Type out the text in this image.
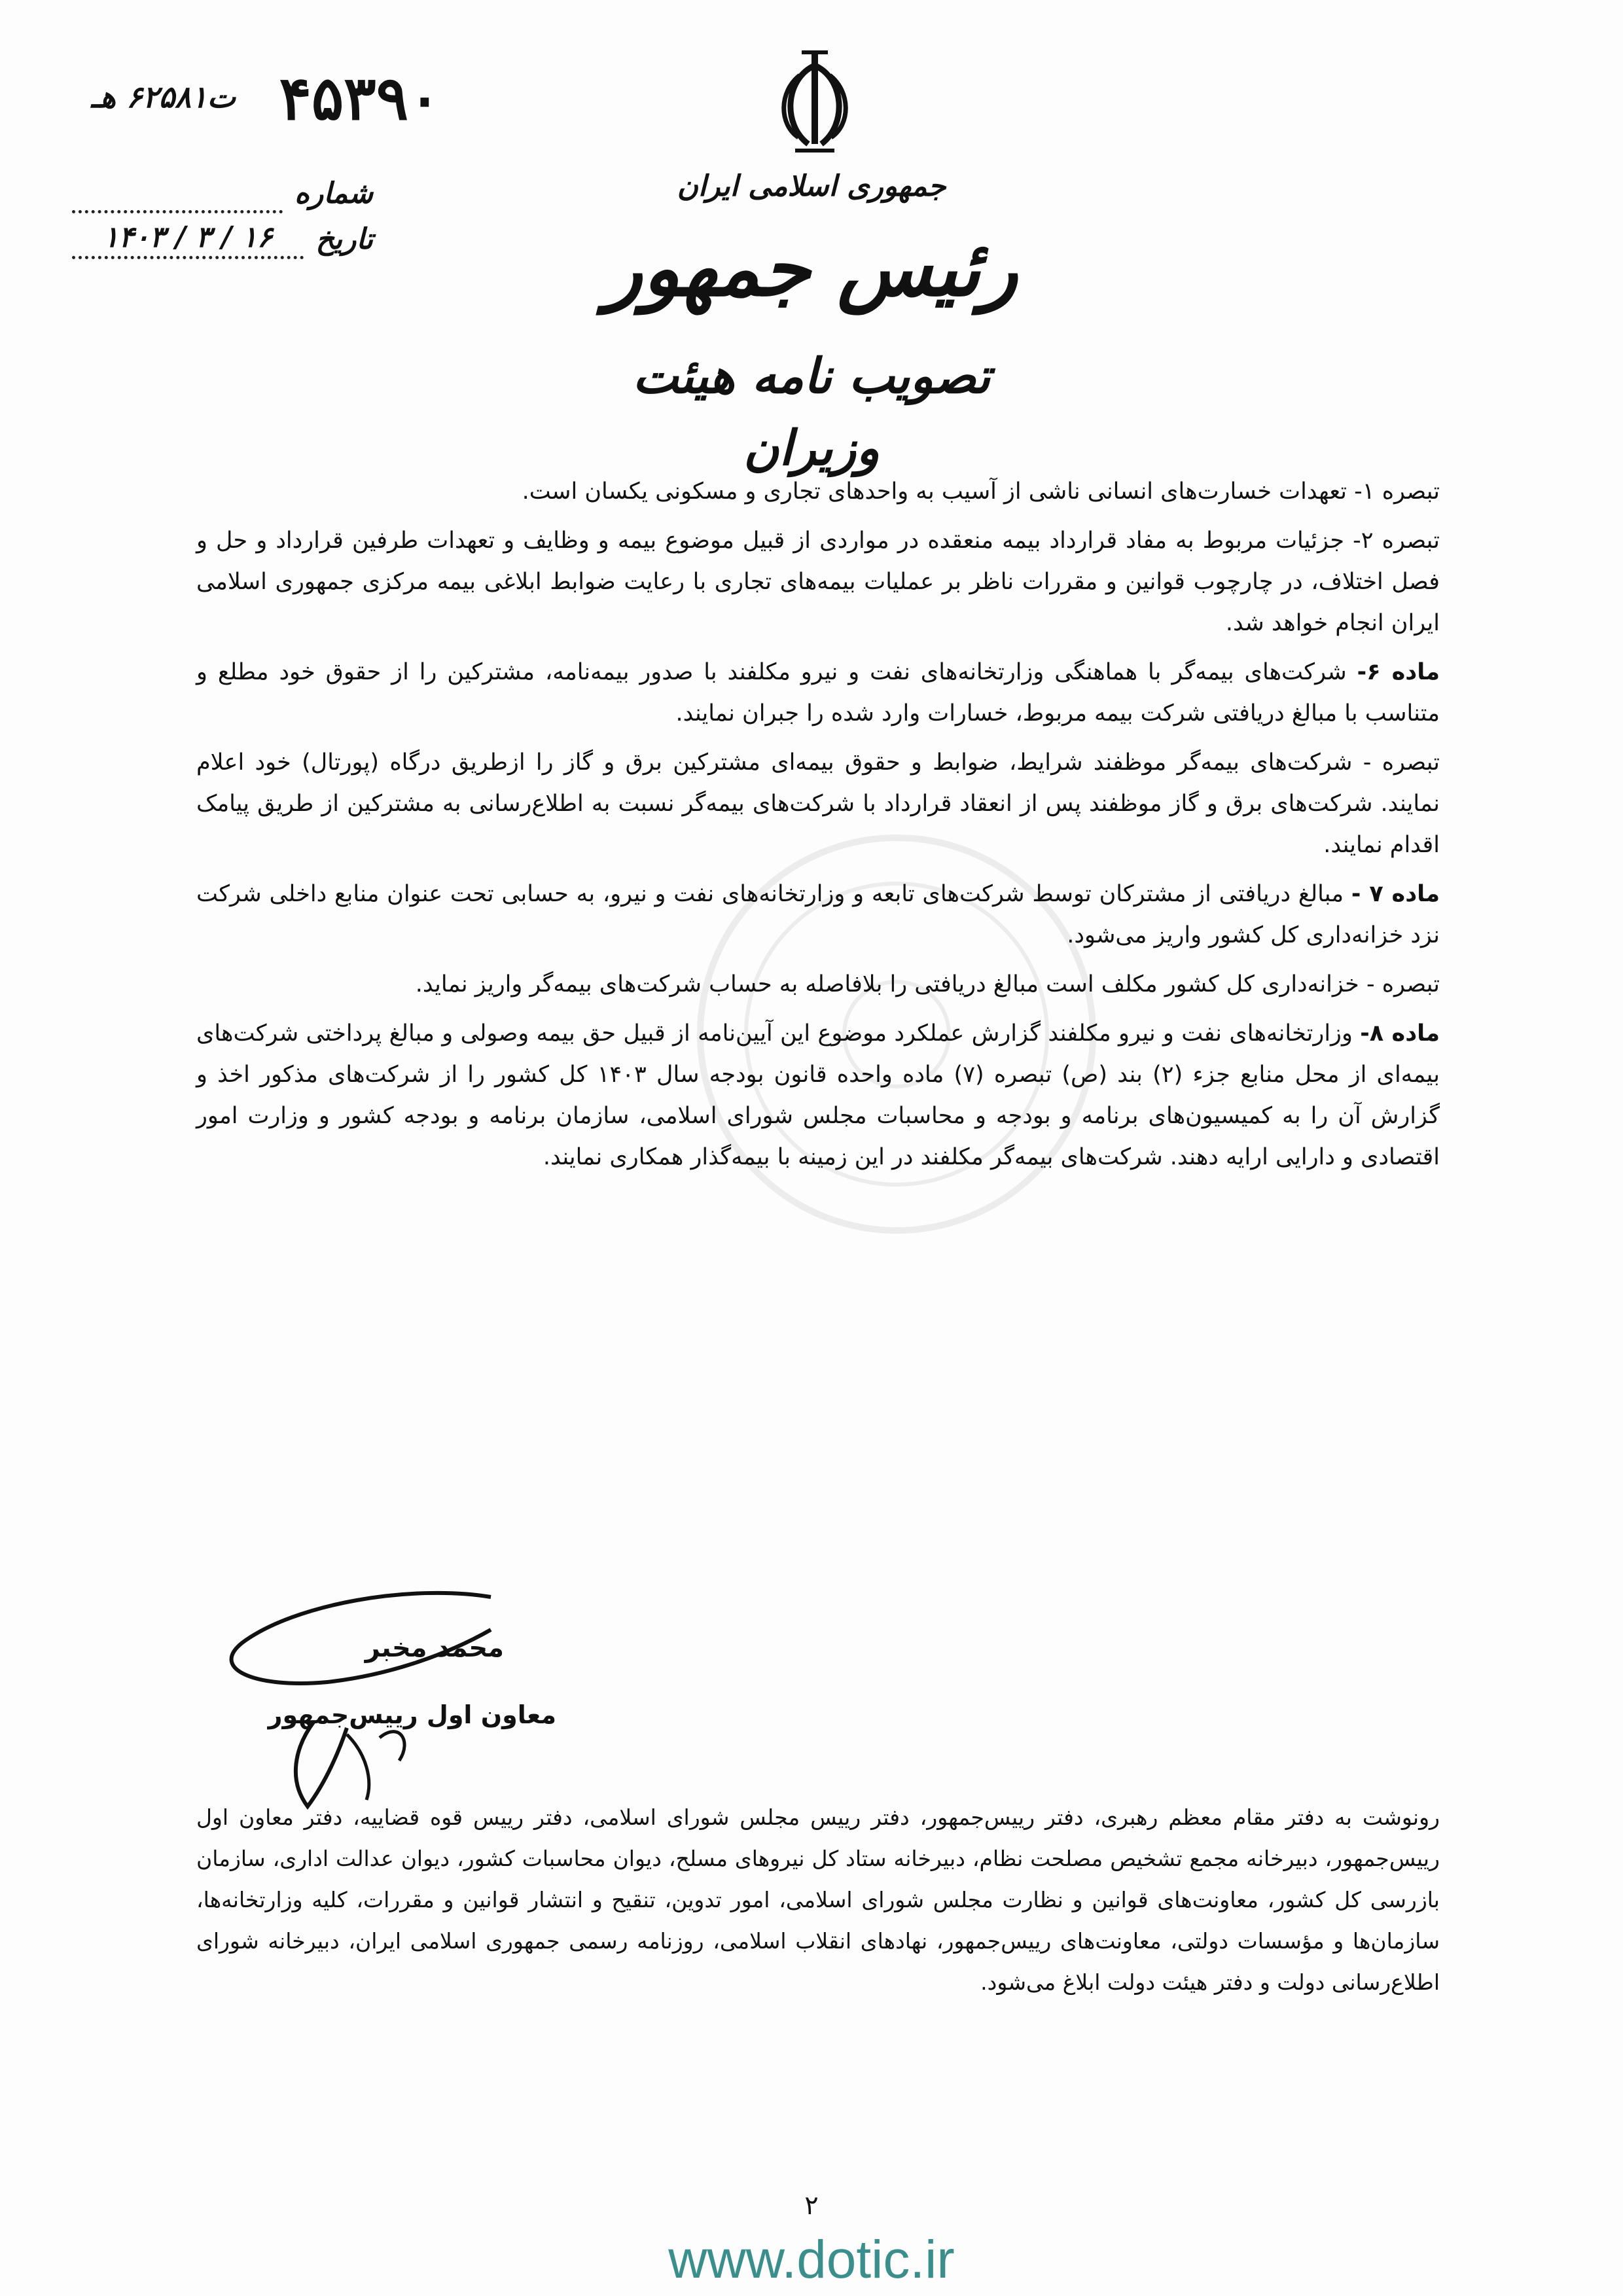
جمهوری اسلامی ایران
رئیس جمهور
تصویب نامه هیئت وزیران
ت۶۲۵۸۱ هـ ۴۵۳۹۰
شماره
تاریخ
۱۶ / ۳ / ۱۴۰۳

تبصره ۱- تعهدات خسارت‌های انسانی ناشی از آسیب به واحدهای تجاری و مسکونی یکسان است.

تبصره ۲- جزئیات مربوط به مفاد قرارداد بیمه منعقده در مواردی از قبیل موضوع بیمه و وظایف و تعهدات طرفین قرارداد و حل و فصل اختلاف، در چارچوب قوانین و مقررات ناظر بر عملیات بیمه‌های تجاری با رعایت ضوابط ابلاغی بیمه مرکزی جمهوری اسلامی ایران انجام خواهد شد.

ماده ۶- شرکت‌های بیمه‌گر با هماهنگی وزارتخانه‌های نفت و نیرو مکلفند با صدور بیمه‌نامه، مشترکین را از حقوق خود مطلع و متناسب با مبالغ دریافتی شرکت بیمه مربوط، خسارات وارد شده را جبران نمایند.

تبصره - شرکت‌های بیمه‌گر موظفند شرایط، ضوابط و حقوق بیمه‌ای مشترکین برق و گاز را ازطریق درگاه (پورتال) خود اعلام نمایند. شرکت‌های برق و گاز موظفند پس از انعقاد قرارداد با شرکت‌های بیمه‌گر نسبت به اطلاع‌رسانی به مشترکین از طریق پیامک اقدام نمایند.

ماده ۷ - مبالغ دریافتی از مشترکان توسط شرکت‌های تابعه و وزارتخانه‌های نفت و نیرو، به حسابی تحت عنوان منابع داخلی شرکت نزد خزانه‌داری کل کشور واریز می‌شود.

تبصره - خزانه‌داری کل کشور مکلف است مبالغ دریافتی را بلافاصله به حساب شرکت‌های بیمه‌گر واریز نماید.

ماده ۸- وزارتخانه‌های نفت و نیرو مکلفند گزارش عملکرد موضوع این آیین‌نامه از قبیل حق بیمه وصولی و مبالغ پرداختی شرکت‌های بیمه‌ای از محل منابع جزء (۲) بند (ص) تبصره (۷) ماده واحده قانون بودجه سال ۱۴۰۳ کل کشور را از شرکت‌های مذکور اخذ و گزارش آن را به کمیسیون‌های برنامه و بودجه و محاسبات مجلس شورای اسلامی، سازمان برنامه و بودجه کشور و وزارت امور اقتصادی و دارایی ارایه دهند. شرکت‌های بیمه‌گر مکلفند در این زمینه با بیمه‌گذار همکاری نمایند.

محمد مخبر
معاون اول رییس‌جمهور

رونوشت به دفتر مقام معظم رهبری، دفتر رییس‌جمهور، دفتر رییس مجلس شورای اسلامی، دفتر رییس قوه قضاییه، دفتر معاون اول رییس‌جمهور، دبیرخانه مجمع تشخیص مصلحت نظام، دبیرخانه ستاد کل نیروهای مسلح، دیوان محاسبات کشور، دیوان عدالت اداری، سازمان بازرسی کل کشور، معاونت‌های قوانین و نظارت مجلس شورای اسلامی، امور تدوین، تنقیح و انتشار قوانین و مقررات، کلیه وزارتخانه‌ها، سازمان‌ها و مؤسسات دولتی، معاونت‌های رییس‌جمهور، نهادهای انقلاب اسلامی، روزنامه رسمی جمهوری اسلامی ایران، دبیرخانه شورای اطلاع‌رسانی دولت و دفتر هیئت دولت ابلاغ می‌شود.

۲
www.dotic.ir
